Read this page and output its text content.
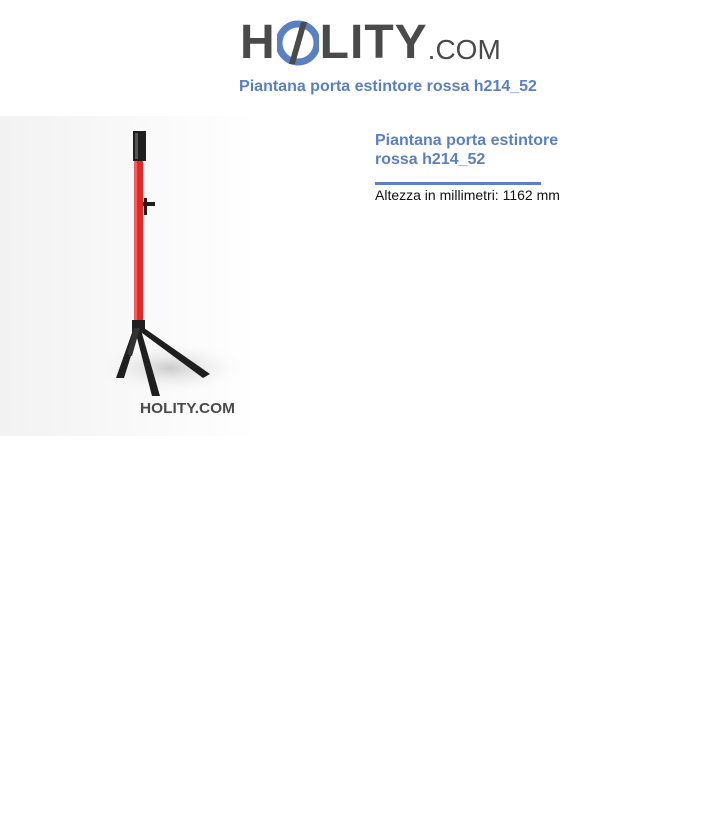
H LITY .COM
Piantana porta estintore rossa h214_52
HOLITY.COM
Piantana porta estintore rossa h214_52
Altezza in millimetri: 1162 mm
